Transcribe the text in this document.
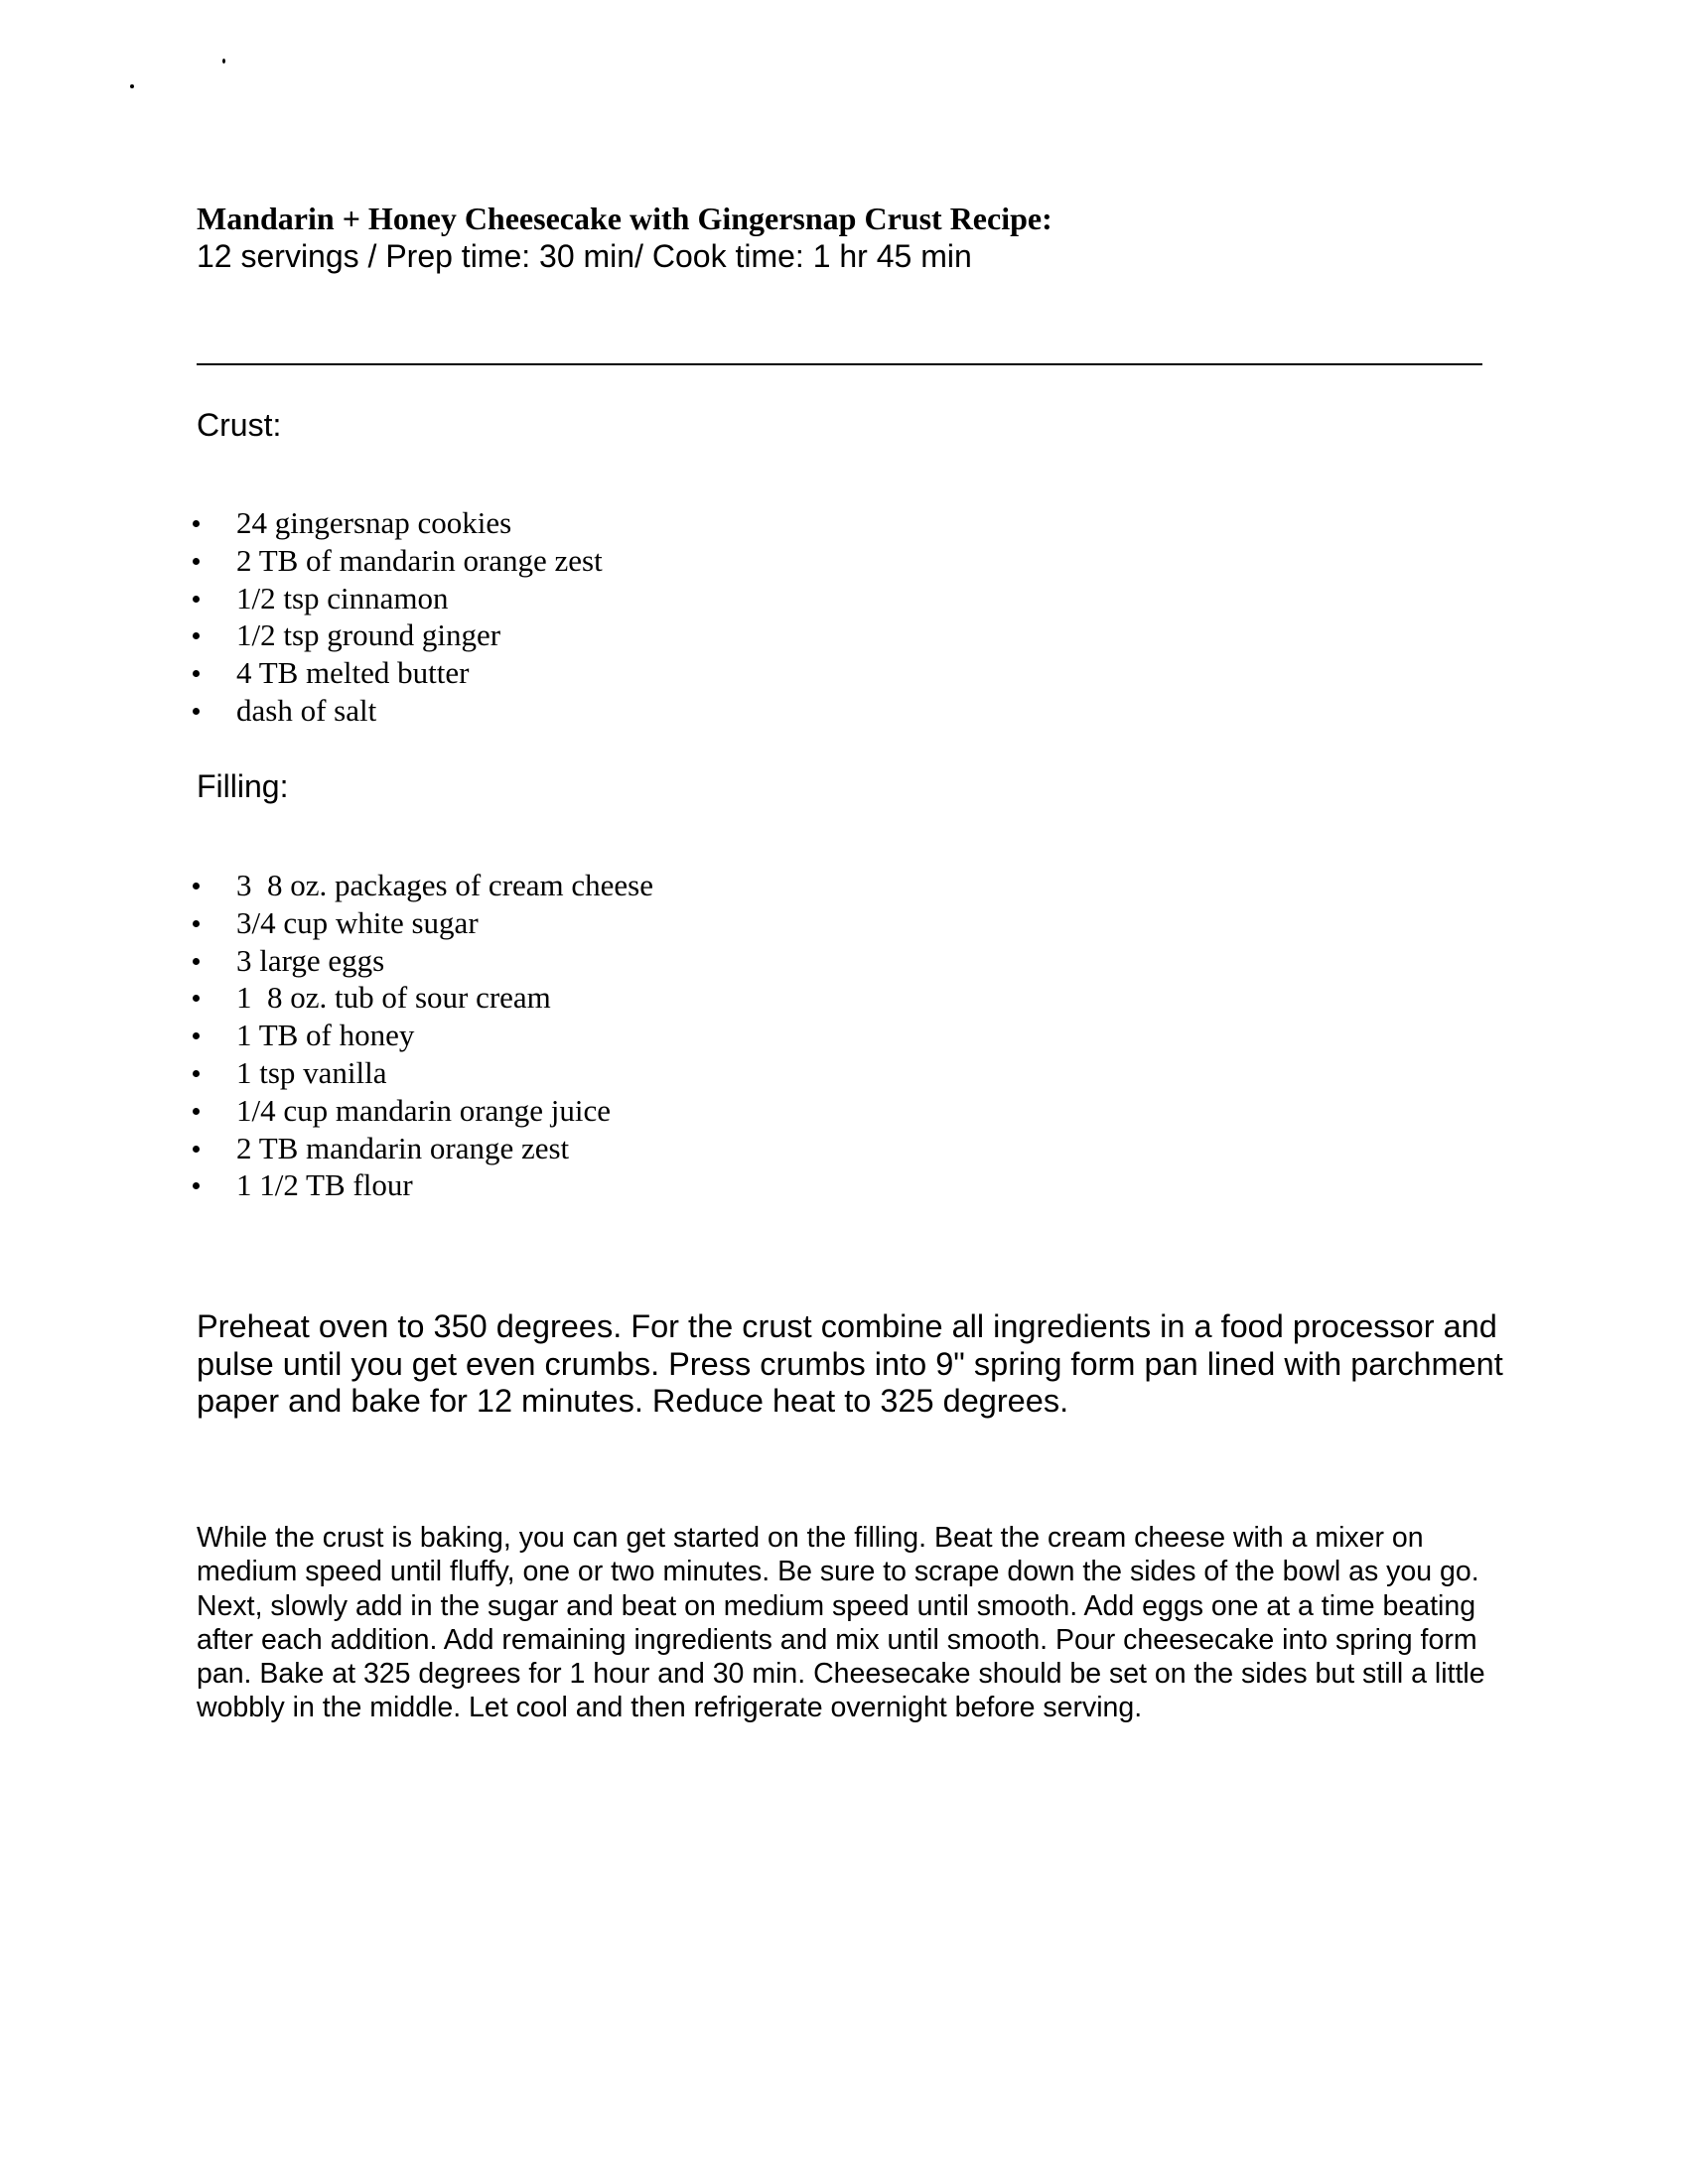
Mandarin + Honey Cheesecake with Gingersnap Crust Recipe:
12 servings / Prep time: 30 min/ Cook time: 1 hr 45 min
Crust:
24 gingersnap cookies
2 TB of mandarin orange zest
1/2 tsp cinnamon
1/2 tsp ground ginger
4 TB melted butter
dash of salt
Filling:
3  8 oz. packages of cream cheese
3/4 cup white sugar
3 large eggs
1  8 oz. tub of sour cream
1 TB of honey
1 tsp vanilla
1/4 cup mandarin orange juice
2 TB mandarin orange zest
1 1/2 TB flour

Preheat oven to 350 degrees. For the crust combine all ingredients in a food processor and pulse until you get even crumbs. Press crumbs into 9" spring form pan lined with parchment paper and bake for 12 minutes. Reduce heat to 325 degrees.

While the crust is baking, you can get started on the filling. Beat the cream cheese with a mixer on medium speed until fluffy, one or two minutes. Be sure to scrape down the sides of the bowl as you go. Next, slowly add in the sugar and beat on medium speed until smooth. Add eggs one at a time beating after each addition. Add remaining ingredients and mix until smooth. Pour cheesecake into spring form pan. Bake at 325 degrees for 1 hour and 30 min. Cheesecake should be set on the sides but still a little wobbly in the middle. Let cool and then refrigerate overnight before serving.
